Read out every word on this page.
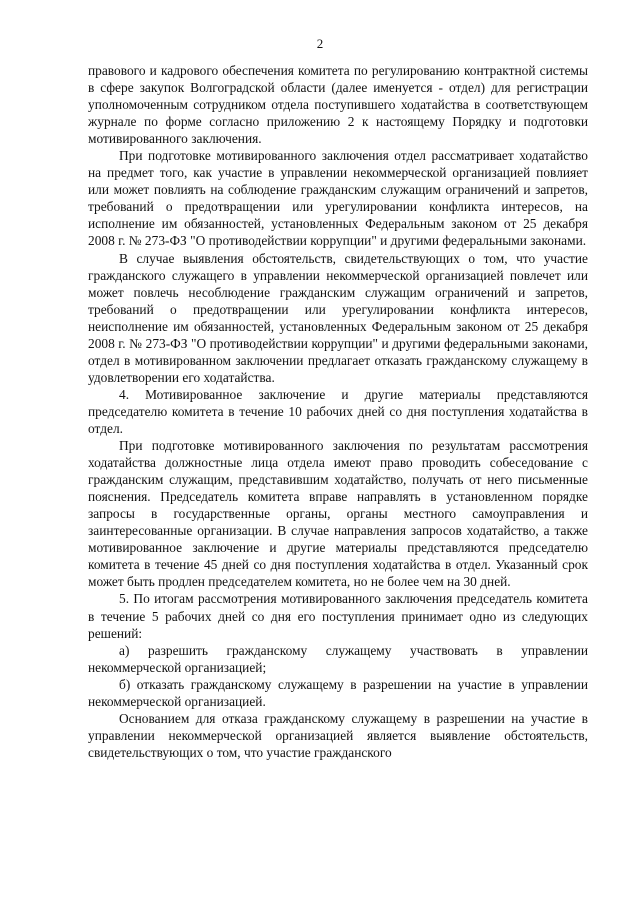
2

правового и кадрового обеспечения комитета по регулированию контрактной системы в сфере закупок Волгоградской области (далее именуется - отдел) для регистрации уполномоченным сотрудником отдела поступившего ходатайства в соответствующем журнале по форме согласно приложению 2 к настоящему Порядку и подготовки мотивированного заключения.

При подготовке мотивированного заключения отдел рассматривает ходатайство на предмет того, как участие в управлении некоммерческой организацией повлияет или может повлиять на соблюдение гражданским служащим ограничений и запретов, требований о предотвращении или урегулировании конфликта интересов, на исполнение им обязанностей, установленных Федеральным законом от 25 декабря 2008 г. № 273-ФЗ "О противодействии коррупции" и другими федеральными законами.

В случае выявления обстоятельств, свидетельствующих о том, что участие гражданского служащего в управлении некоммерческой организацией повлечет или может повлечь несоблюдение гражданским служащим ограничений и запретов, требований о предотвращении или урегулировании конфликта интересов, неисполнение им обязанностей, установленных Федеральным законом от 25 декабря 2008 г. № 273-ФЗ "О противодействии коррупции" и другими федеральными законами, отдел в мотивированном заключении предлагает отказать гражданскому служащему в удовлетворении его ходатайства.

4. Мотивированное заключение и другие материалы представляются председателю комитета в течение 10 рабочих дней со дня поступления ходатайства в отдел.

При подготовке мотивированного заключения по результатам рассмотрения ходатайства должностные лица отдела имеют право проводить собеседование с гражданским служащим, представившим ходатайство, получать от него письменные пояснения. Председатель комитета вправе направлять в установленном порядке запросы в государственные органы, органы местного самоуправления и заинтересованные организации. В случае направления запросов ходатайство, а также мотивированное заключение и другие материалы представляются председателю комитета в течение 45 дней со дня поступления ходатайства в отдел. Указанный срок может быть продлен председателем комитета, но не более чем на 30 дней.

5. По итогам рассмотрения мотивированного заключения председатель комитета в течение 5 рабочих дней со дня его поступления принимает одно из следующих решений:

а) разрешить гражданскому служащему участвовать в управлении некоммерческой организацией;

б) отказать гражданскому служащему в разрешении на участие в управлении некоммерческой организацией.

Основанием для отказа гражданскому служащему в разрешении на участие в управлении некоммерческой организацией является выявление обстоятельств, свидетельствующих о том, что участие гражданского
